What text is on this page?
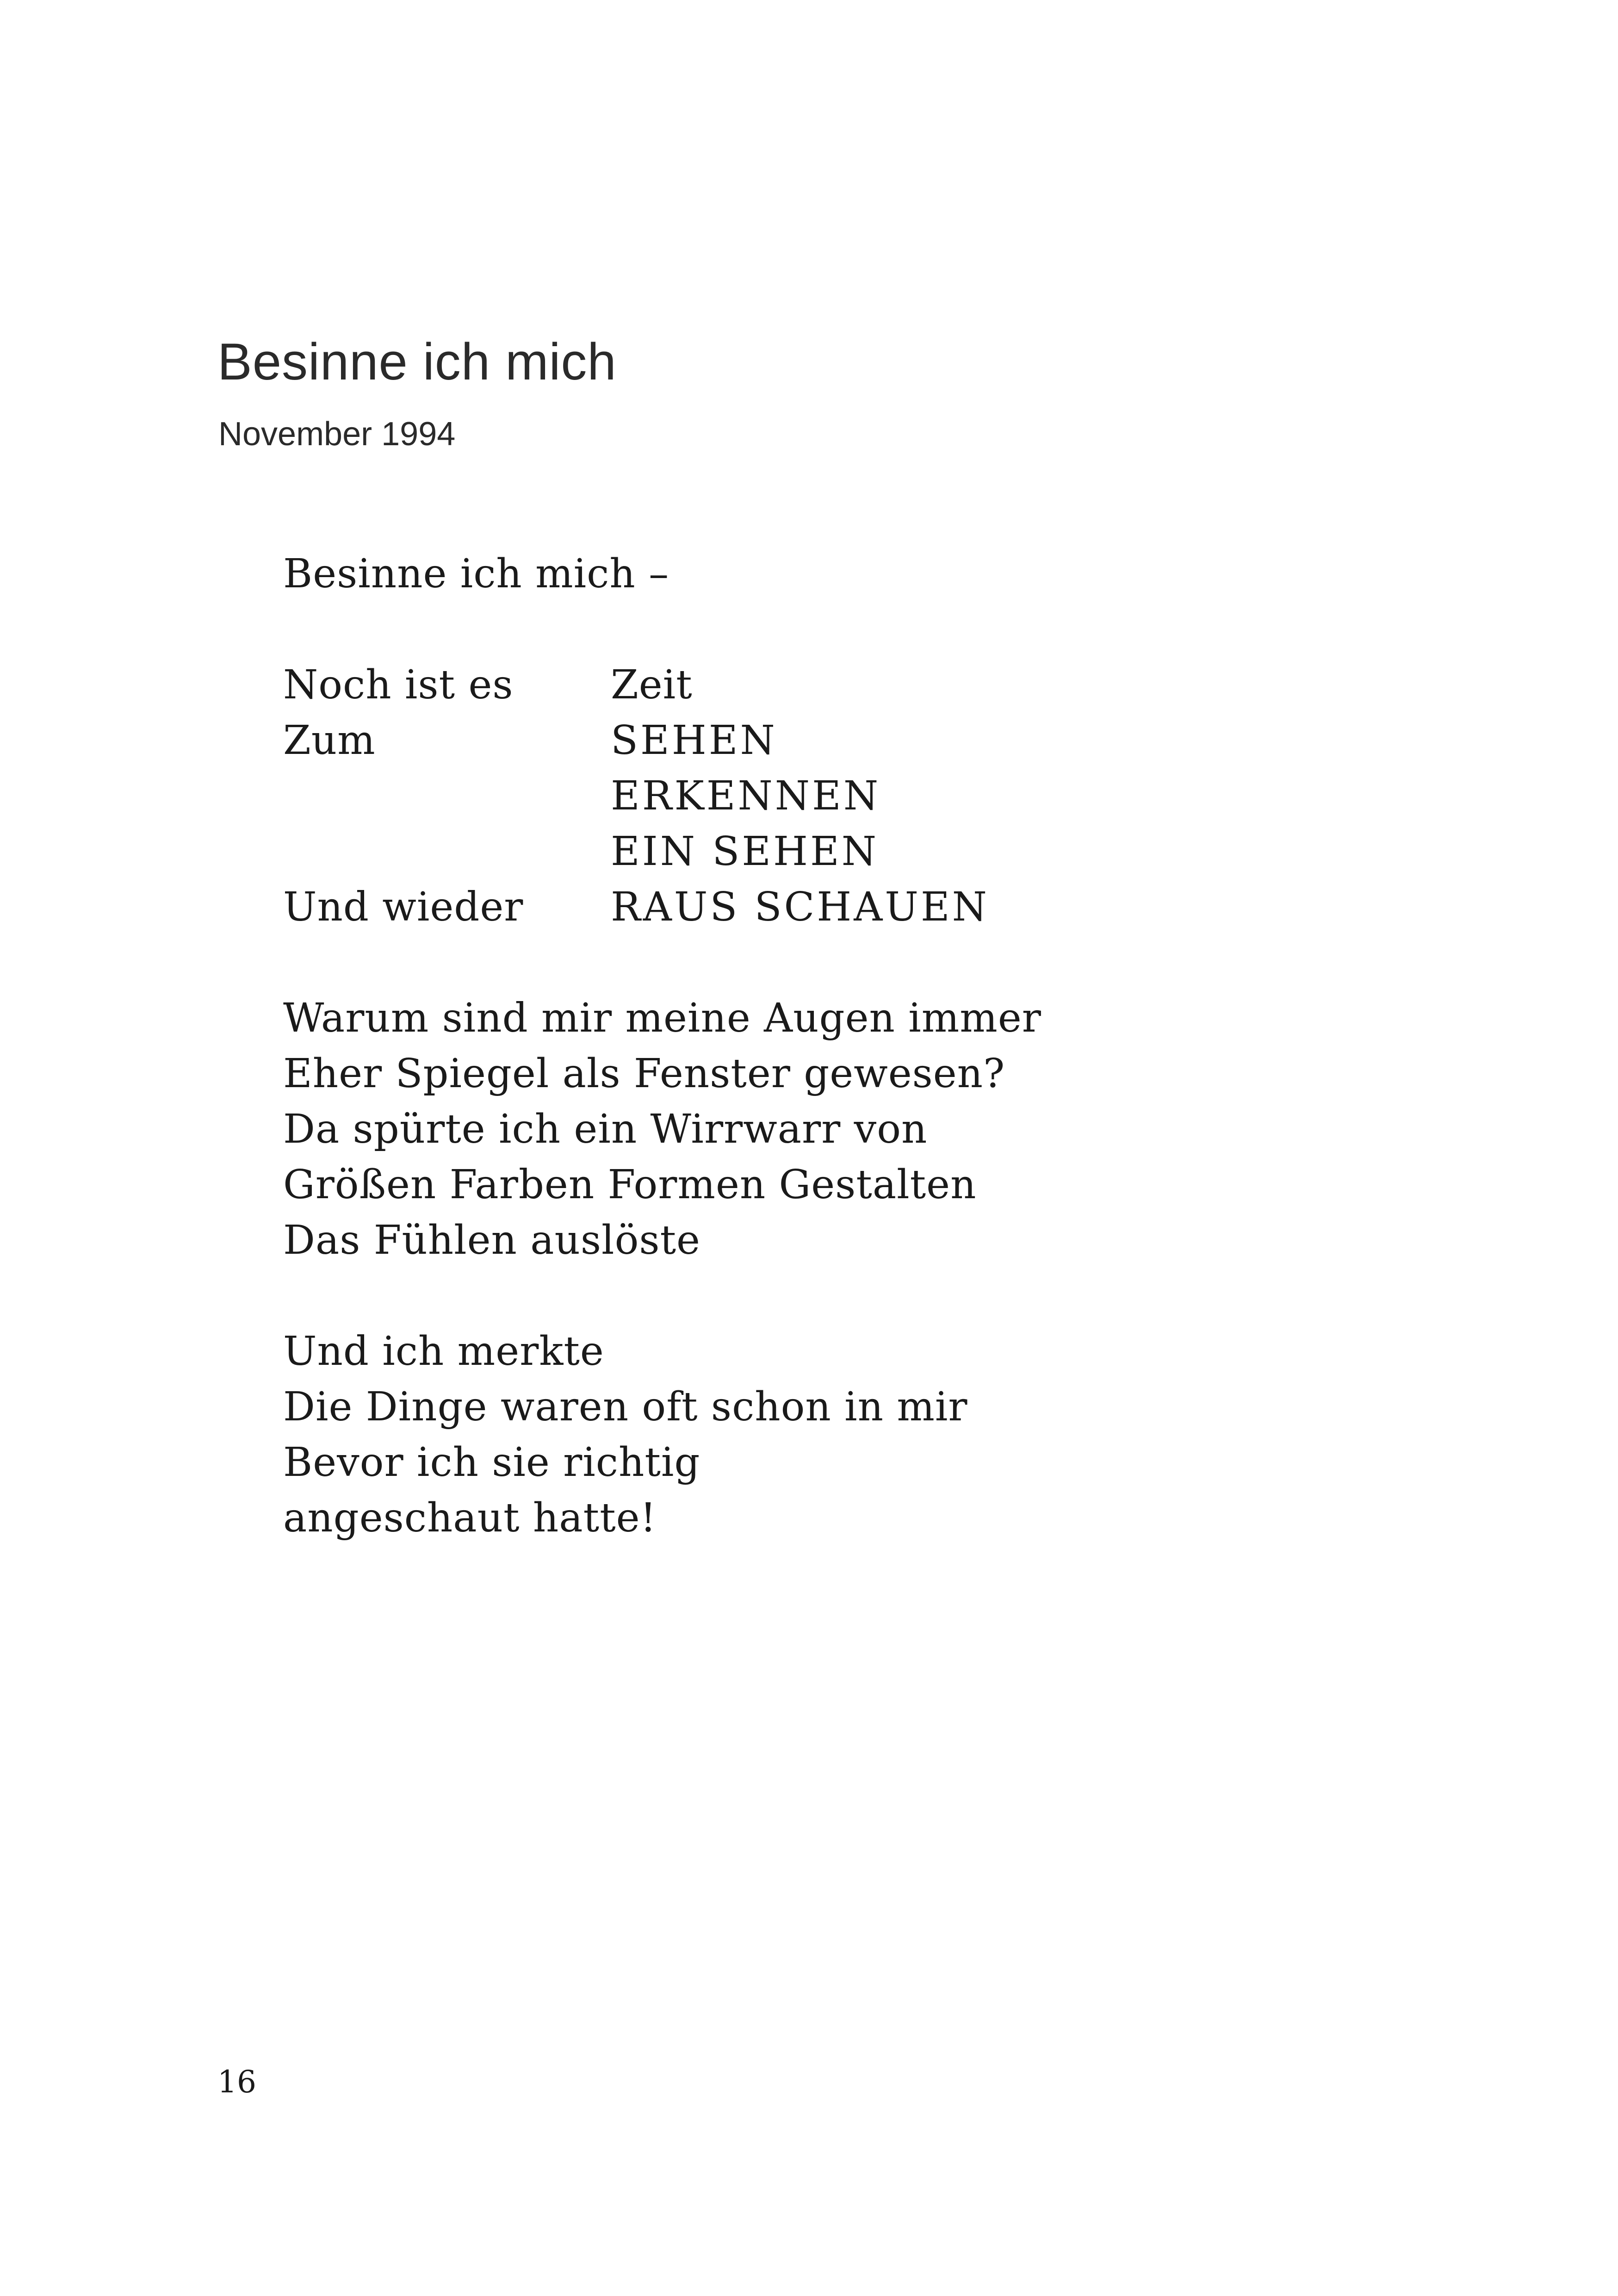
Besinne ich mich
November 1994
Besinne ich mich –
Noch ist es Zeit
Zum	SEHEN
ERKENNEN
EIN SEHEN
Und wieder RAUS SCHAUEN
Warum sind mir meine Augen immer
Eher Spiegel als Fenster gewesen?
Da spürte ich ein Wirrwarr von
Größen Farben Formen Gestalten
Das Fühlen auslöste
Und ich merkte
Die Dinge waren oft schon in mir
Bevor ich sie richtig
angeschaut hatte!
16
